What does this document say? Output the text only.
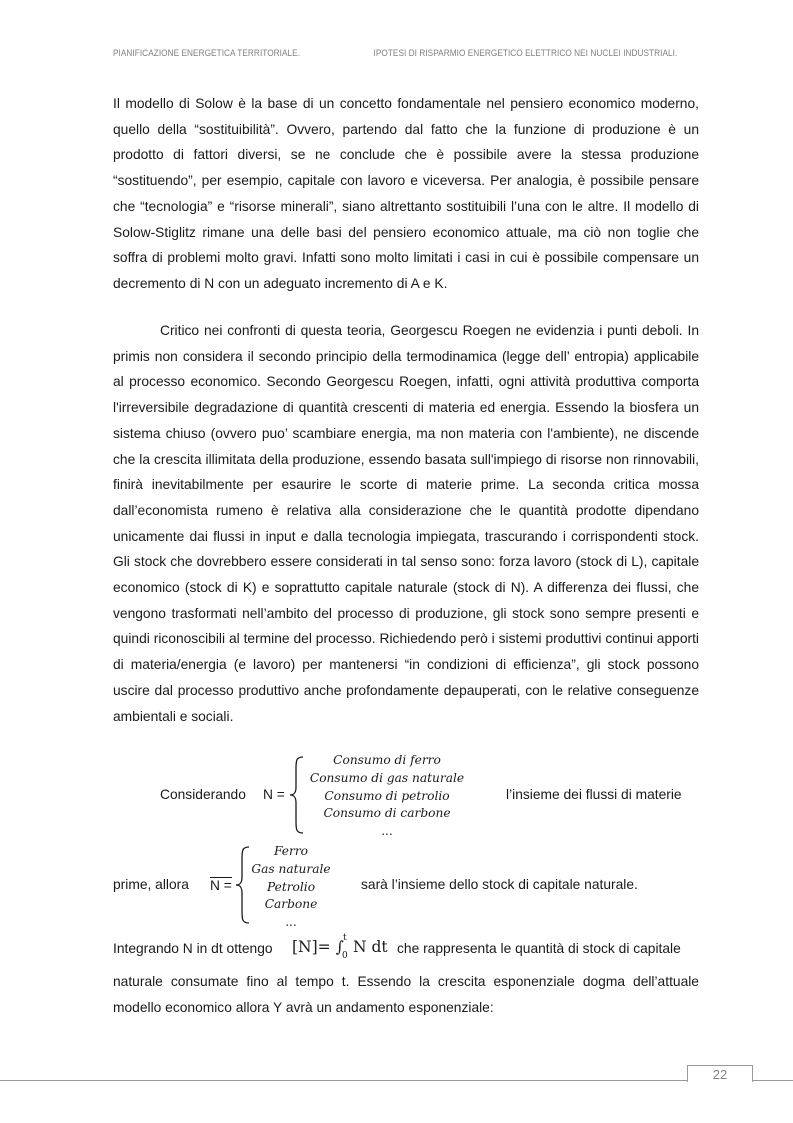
PIANIFICAZIONE ENERGETICA TERRITORIALE.	IPOTESI DI RISPARMIO ENERGETICO ELETTRICO NEI NUCLEI INDUSTRIALI.

Il modello di Solow è la base di un concetto fondamentale nel pensiero economico moderno, quello della “sostituibilità”. Ovvero, partendo dal fatto che la funzione di produzione è un prodotto di fattori diversi, se ne conclude che è possibile avere la stessa produzione “sostituendo”, per esempio, capitale con lavoro e viceversa. Per analogia, è possibile pensare che “tecnologia” e “risorse minerali”, siano altrettanto sostituibili l’una con le altre. Il modello di Solow-Stiglitz rimane una delle basi del pensiero economico attuale, ma ciò non toglie che soffra di problemi molto gravi. Infatti sono molto limitati i casi in cui è possibile compensare un decremento di N con un adeguato incremento di A e K.

Critico nei confronti di questa teoria, Georgescu Roegen ne evidenzia i punti deboli. In primis non considera il secondo principio della termodinamica (legge dell’ entropia) applicabile al processo economico. Secondo Georgescu Roegen, infatti, ogni attività produttiva comporta l'irreversibile degradazione di quantità crescenti di materia ed energia. Essendo la biosfera un sistema chiuso (ovvero puo’ scambiare energia, ma non materia con l'ambiente), ne discende che la crescita illimitata della produzione, essendo basata sull'impiego di risorse non rinnovabili, finirà inevitabilmente per esaurire le scorte di materie prime. La seconda critica mossa dall’economista rumeno è relativa alla considerazione che le quantità prodotte dipendano unicamente dai flussi in input e dalla tecnologia impiegata, trascurando i corrispondenti stock. Gli stock che dovrebbero essere considerati in tal senso sono: forza lavoro (stock di L), capitale economico (stock di K) e soprattutto capitale naturale (stock di N). A differenza dei flussi, che vengono trasformati nell’ambito del processo di produzione, gli stock sono sempre presenti e quindi riconoscibili al termine del processo. Richiedendo però i sistemi produttivi continui apporti di materia/energia (e lavoro) per mantenersi “in condizioni di efficienza”, gli stock possono uscire dal processo produttivo anche profondamente depauperati, con le relative conseguenze ambientali e sociali.

Considerando N =
Consumo di ferro
Consumo di gas naturale
Consumo di petrolio
Consumo di carbone
...
l’insieme dei flussi di materie
prime, allora N =
Ferro
Gas naturale
Petrolio
Carbone
...
sarà l’insieme dello stock di capitale naturale.
Integrando N in dt ottengo [N]= ∫ t
0 N dt che rappresenta le quantità di stock di capitale

naturale consumate fino al tempo t. Essendo la crescita esponenziale dogma dell’attuale modello economico allora Y avrà un andamento esponenziale:

22
